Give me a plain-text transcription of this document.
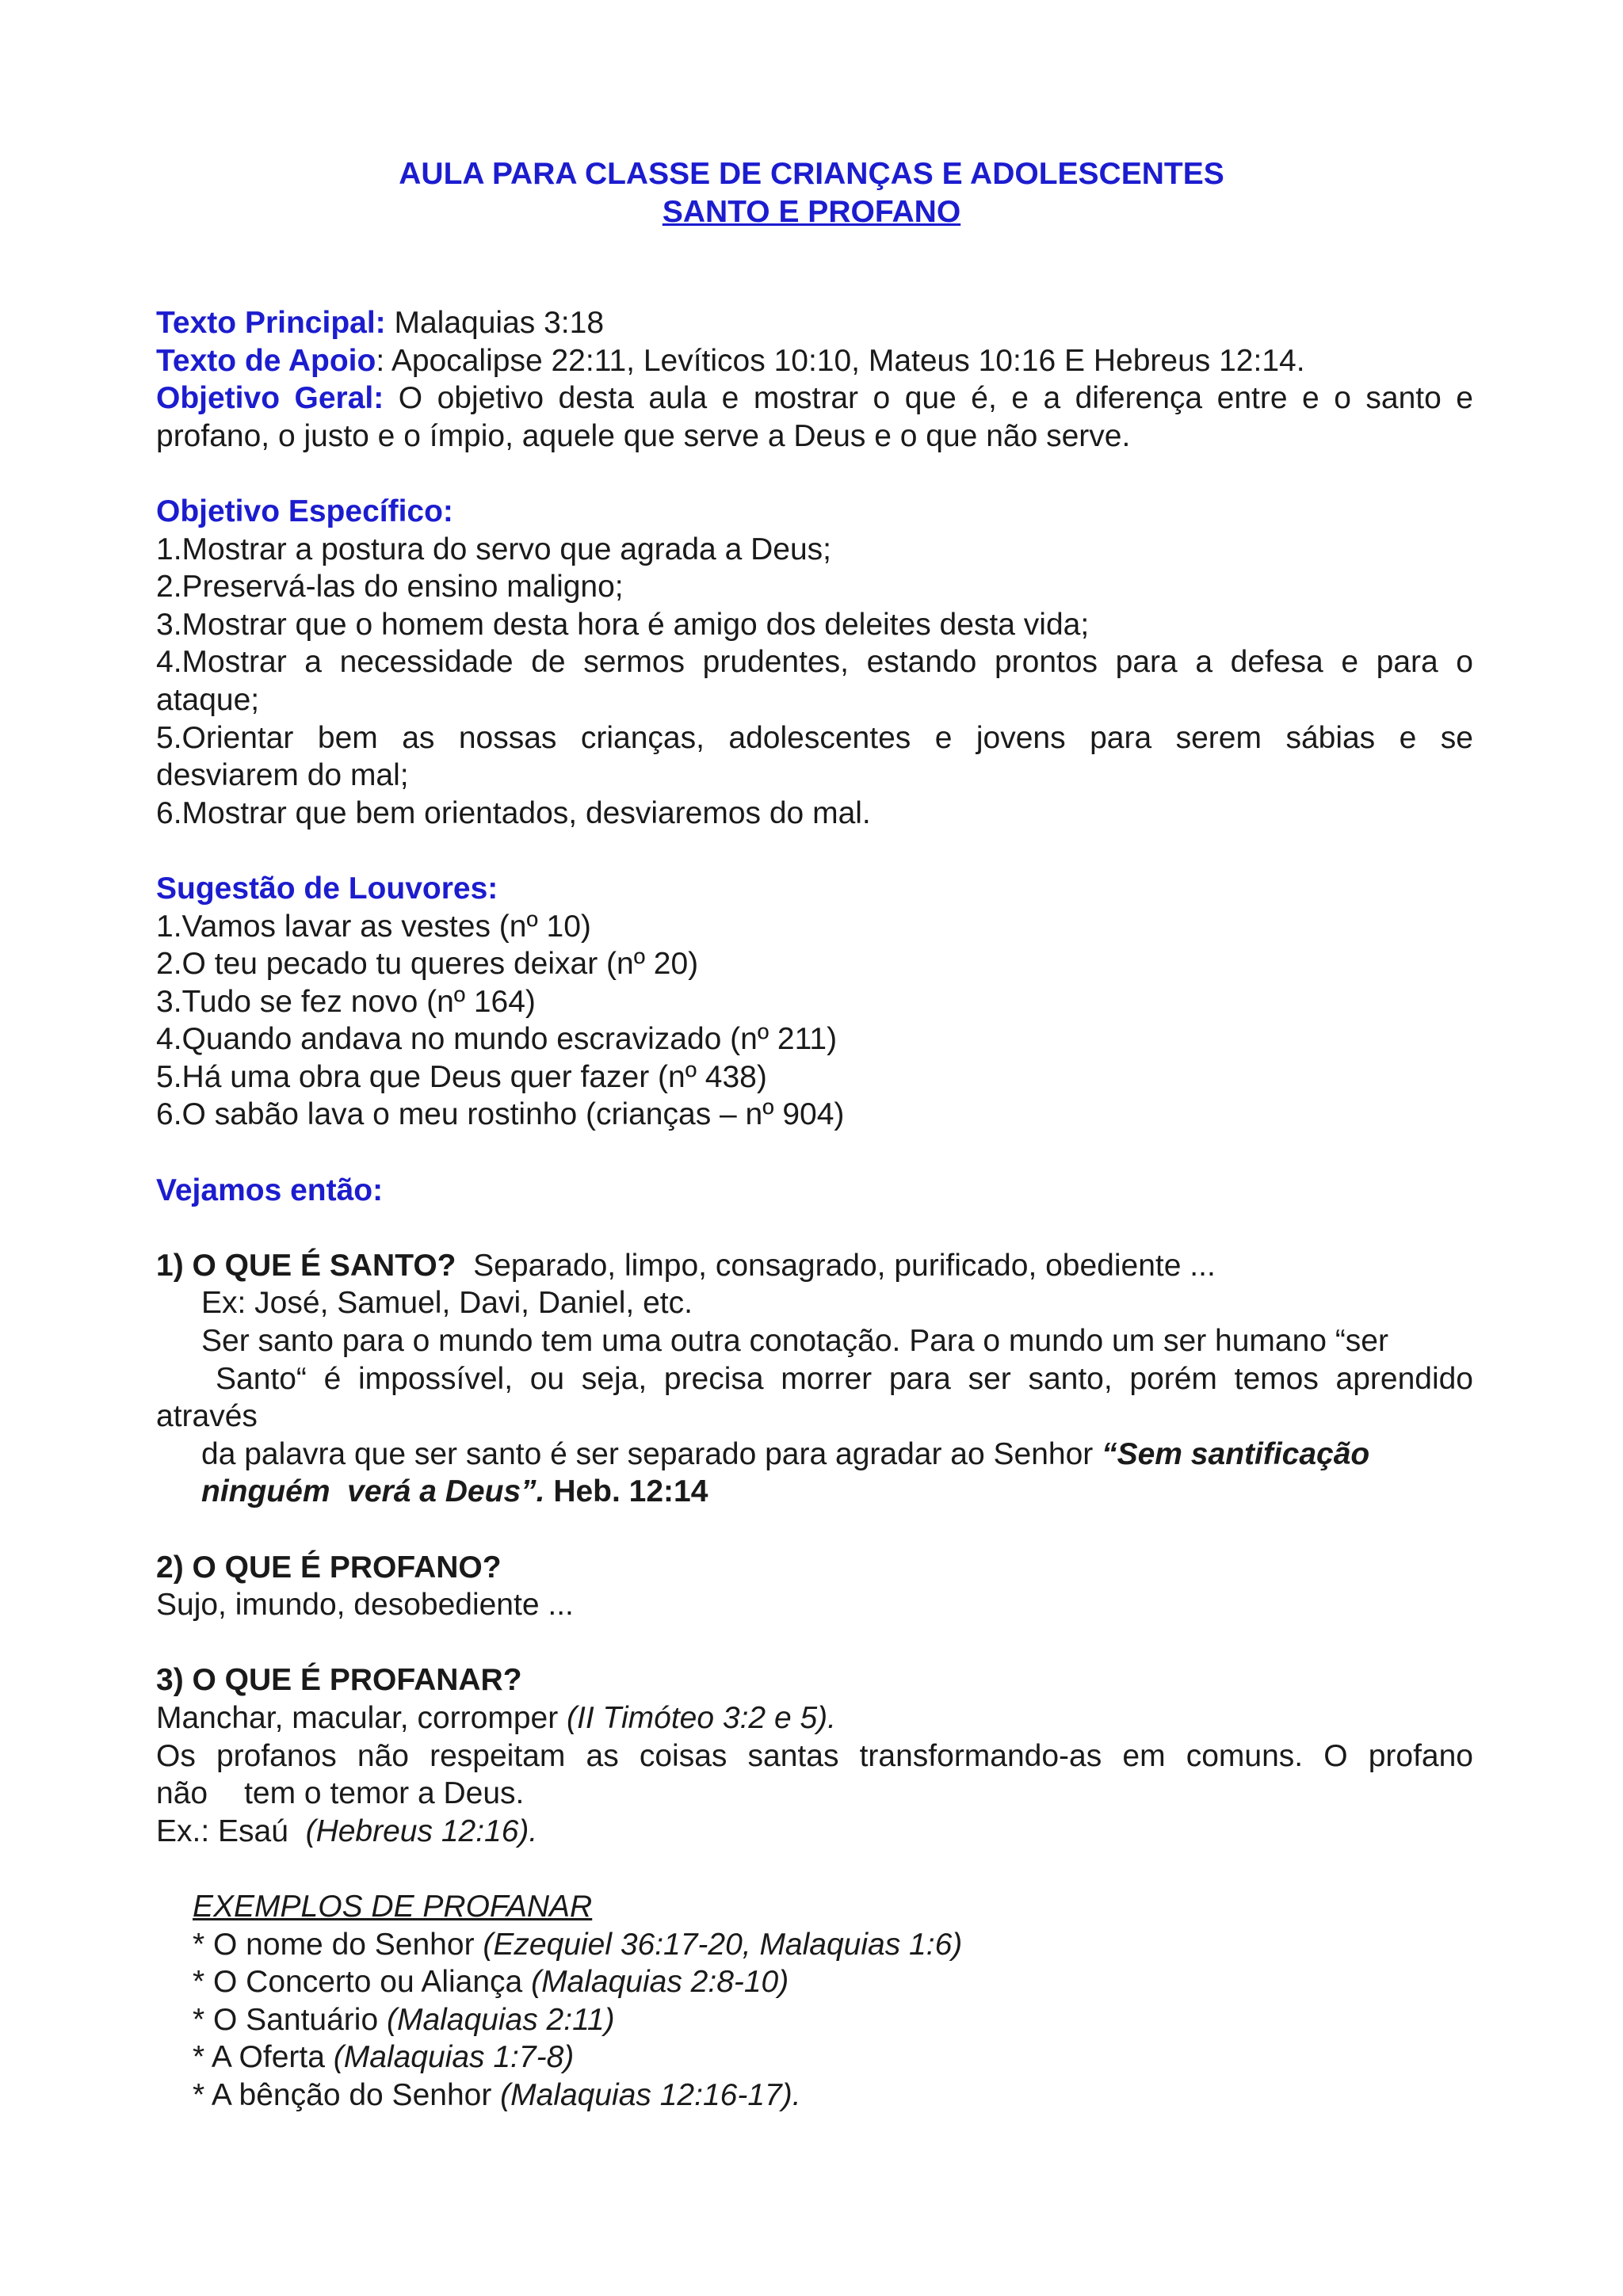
AULA PARA CLASSE DE CRIANÇAS E ADOLESCENTES
SANTO E PROFANO
Texto Principal: Malaquias 3:18
Texto de Apoio: Apocalipse 22:11, Levíticos 10:10, Mateus 10:16 E Hebreus 12:14.
Objetivo Geral: O objetivo desta aula e mostrar o que é, e a diferença entre e o santo e
profano, o justo e o ímpio, aquele que serve a Deus e o que não serve.
Objetivo Específico:
1.Mostrar a postura do servo que agrada a Deus;
2.Preservá-las do ensino maligno;
3.Mostrar que o homem desta hora é amigo dos deleites desta vida;
4.Mostrar a necessidade de sermos prudentes, estando prontos para a defesa e para o
ataque;
5.Orientar bem as nossas crianças, adolescentes e jovens para serem sábias e se
desviarem do mal;
6.Mostrar que bem orientados, desviaremos do mal.
Sugestão de Louvores:
1.Vamos lavar as vestes (nº 10)
2.O teu pecado tu queres deixar (nº 20)
3.Tudo se fez novo (nº 164)
4.Quando andava no mundo escravizado (nº 211)
5.Há uma obra que Deus quer fazer (nº 438)
6.O sabão lava o meu rostinho (crianças – nº 904)
Vejamos então:
1) O QUE É SANTO?  Separado, limpo, consagrado, purificado, obediente ...
Ex: José, Samuel, Davi, Daniel, etc.
Ser santo para o mundo tem uma outra conotação. Para o mundo um ser humano “ser
Santo“ é impossível, ou seja, precisa morrer para ser santo, porém temos aprendido
através
da palavra que ser santo é ser separado para agradar ao Senhor “Sem santificação
ninguém  verá a Deus”. Heb. 12:14
2) O QUE É PROFANO?
Sujo, imundo, desobediente ...
3) O QUE É PROFANAR?
Manchar, macular, corromper (II Timóteo 3:2 e 5).
Os profanos não respeitam as coisas santas transformando-as em comuns. O profano
não tem o temor a Deus.
Ex.: Esaú  (Hebreus 12:16).
EXEMPLOS DE PROFANAR
* O nome do Senhor (Ezequiel 36:17-20, Malaquias 1:6)
* O Concerto ou Aliança (Malaquias 2:8-10)
* O Santuário (Malaquias 2:11)
* A Oferta (Malaquias 1:7-8)
* A bênção do Senhor (Malaquias 12:16-17).
